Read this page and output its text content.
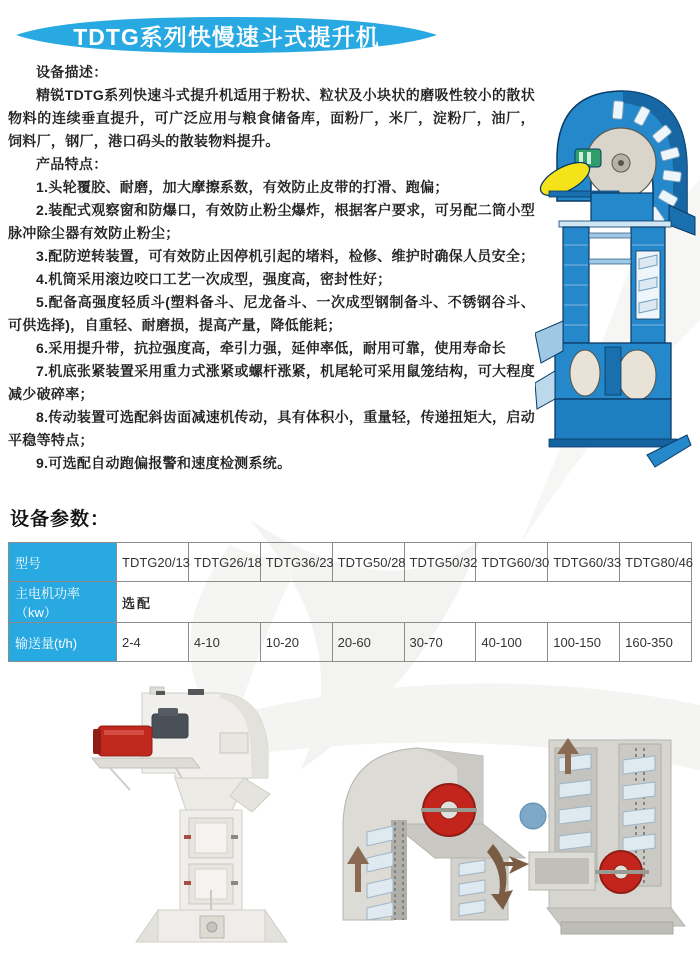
TDTG系列快慢速斗式提升机

设备描述：

精锐TDTG系列快速斗式提升机适用于粉状、粒状及小块状的磨吸性较小的散状物料的连续垂直提升，可广泛应用与粮食储备库，面粉厂，米厂，淀粉厂，油厂，饲料厂，钢厂，港口码头的散装物料提升。

产品特点：

1.头轮覆胶、耐磨，加大摩擦系数，有效防止皮带的打滑、跑偏；

2.装配式观察窗和防爆口，有效防止粉尘爆炸，根据客户要求，可另配二筒小型脉冲除尘器有效防止粉尘；

3.配防逆转装置，可有效防止因停机引起的堵料，检修、维护时确保人员安全；

4.机筒采用滚边咬口工艺一次成型，强度高，密封性好；

5.配备高强度轻质斗(塑料备斗、尼龙备斗、一次成型钢制备斗、不锈钢谷斗、可供选择)，自重轻、耐磨损，提高产量，降低能耗；

6.采用提升带，抗拉强度高，牵引力强，延伸率低，耐用可靠，使用寿命长

7.机底张紧装置采用重力式涨紧或螺杆涨紧，机尾轮可采用鼠笼结构，可大程度减少破碎率；

8.传动装置可选配斜齿面减速机传动，具有体积小，重量轻，传递扭矩大，启动平稳等特点；

9.可选配自动跑偏报警和速度检测系统。

设备参数：
型号	TDTG20/13	TDTG26/18	TDTG36/23	TDTG50/28	TDTG50/32	TDTG60/30	TDTG60/33	TDTG80/46
主电机功率（kw）	选配							
输送量(t/h)	2-4	4-10	10-20	20-60	30-70	40-100	100-150	160-350
